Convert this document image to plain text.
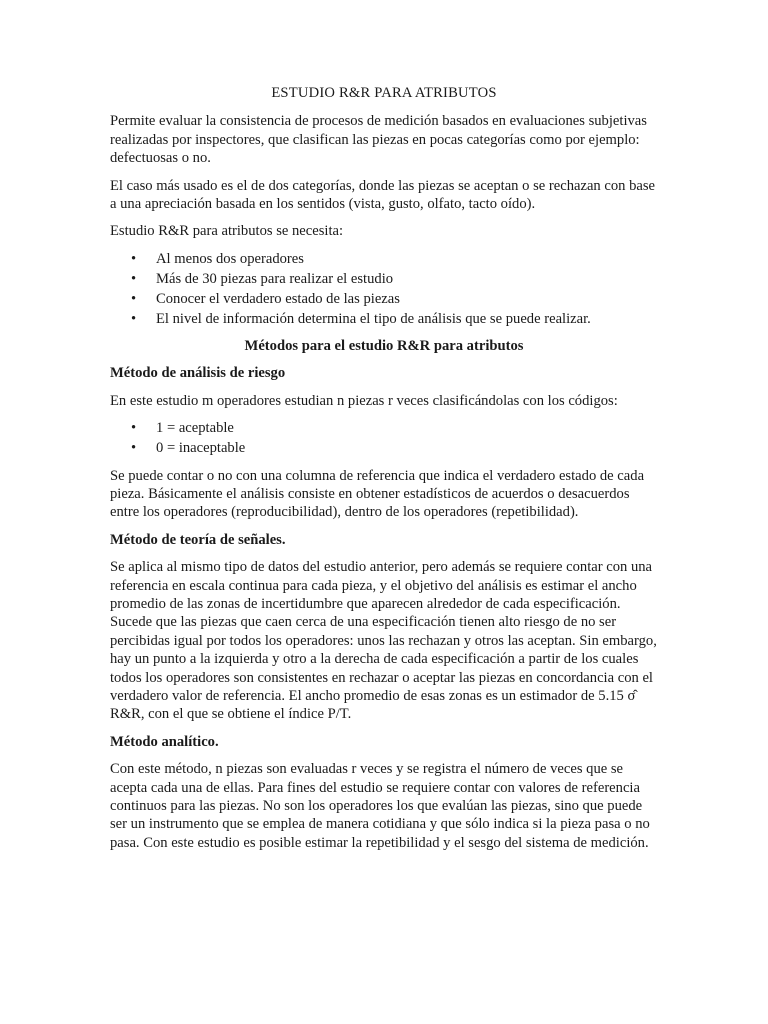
ESTUDIO R&R PARA ATRIBUTOS

Permite evaluar la consistencia de procesos de medición basados en evaluaciones subjetivas realizadas por inspectores, que clasifican las piezas en pocas categorías como por ejemplo: defectuosas o no.

El caso más usado es el de dos categorías, donde las piezas se aceptan o se rechazan con base a una apreciación basada en los sentidos (vista, gusto, olfato, tacto oído).

Estudio R&R para atributos se necesita:

• Al menos dos operadores
• Más de 30 piezas para realizar el estudio
• Conocer el verdadero estado de las piezas
• El nivel de información determina el tipo de análisis que se puede realizar.
Métodos para el estudio R&R para atributos
Método de análisis de riesgo

En este estudio m operadores estudian n piezas r veces clasificándolas con los códigos:

• 1 = aceptable
• 0 = inaceptable

Se puede contar o no con una columna de referencia que indica el verdadero estado de cada pieza. Básicamente el análisis consiste en obtener estadísticos de acuerdos o desacuerdos entre los operadores (reproducibilidad), dentro de los operadores (repetibilidad).

Método de teoría de señales.

Se aplica al mismo tipo de datos del estudio anterior, pero además se requiere contar con una referencia en escala continua para cada pieza, y el objetivo del análisis es estimar el ancho promedio de las zonas de incertidumbre que aparecen alrededor de cada especificación. Sucede que las piezas que caen cerca de una especificación tienen alto riesgo de no ser percibidas igual por todos los operadores: unos las rechazan y otros las aceptan. Sin embargo, hay un punto a la izquierda y otro a la derecha de cada especificación a partir de los cuales todos los operadores son consistentes en rechazar o aceptar las piezas en concordancia con el verdadero valor de referencia. El ancho promedio de esas zonas es un estimador de 5.15 σ̂ R&R, con el que se obtiene el índice P/T.

Método analítico.

Con este método, n piezas son evaluadas r veces y se registra el número de veces que se acepta cada una de ellas. Para fines del estudio se requiere contar con valores de referencia continuos para las piezas. No son los operadores los que evalúan las piezas, sino que puede ser un instrumento que se emplea de manera cotidiana y que sólo indica si la pieza pasa o no pasa. Con este estudio es posible estimar la repetibilidad y el sesgo del sistema de medición.
